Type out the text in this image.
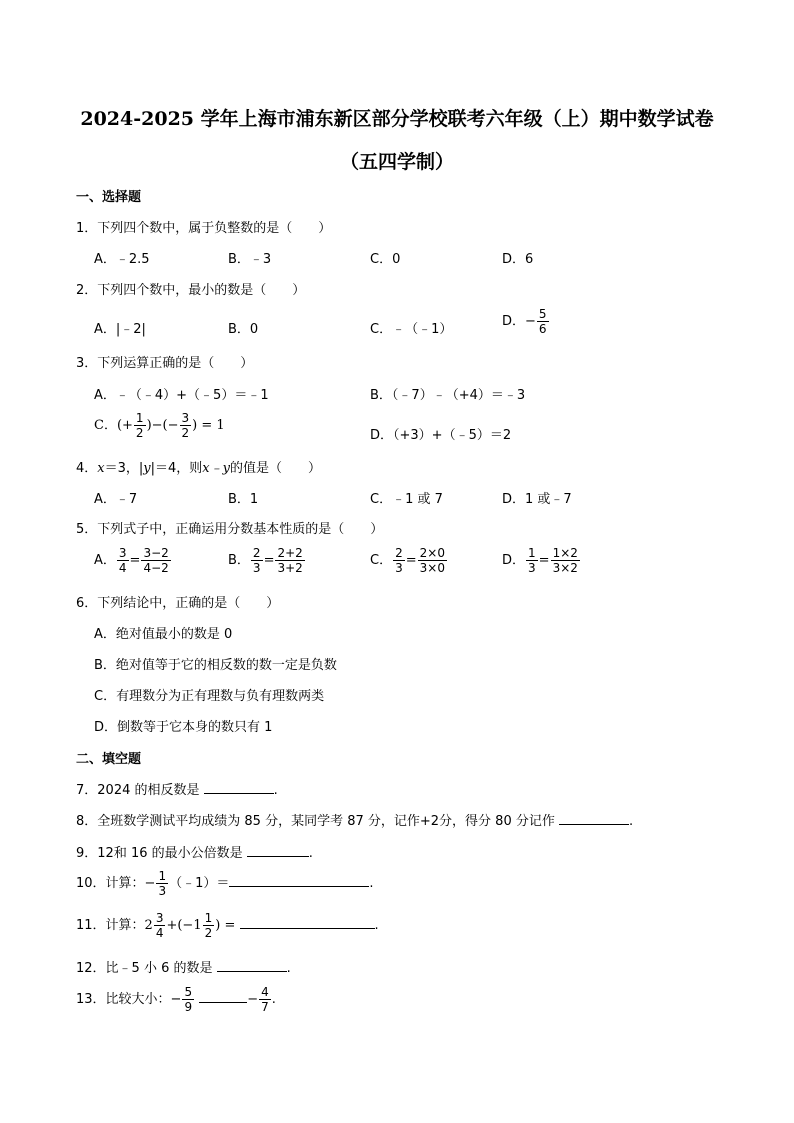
2024-2025 学年上海市浦东新区部分学校联考六年级（上）期中数学试卷
（五四学制）
一、选择题
1．下列四个数中，属于负整数的是（　　）
A．﹣2.5	B．﹣3	C．0	D．6
2．下列四个数中，最小的数是（　　）
A．|﹣2|	B．0	C．﹣（﹣1）
D．− $\frac{5}{6}$
3．下列运算正确的是（　　）
A．﹣（﹣4）+（﹣5）＝﹣1	B．（﹣7）﹣（+4）＝﹣3
C．(+ $\frac{1}{2}$ )−(− $\frac{3}{2}$ ) = 1
D．（+3）+（﹣5）＝2
4．x＝3，|y|＝4，则x﹣y的值是（　　）
A．﹣7	B．1	C．﹣1 或 7	D．1 或﹣7
5．下列式子中，正确运用分数基本性质的是（　　）
A． $\frac{3}{4} = \frac{3-2}{4-2}$	B． $\frac{2}{3} = \frac{2+2}{3+2}$	C． $\frac{2}{3} = \frac{2\times 0}{3\times 0}$	D． $\frac{1}{3} = \frac{1\times 2}{3\times 2}$
6．下列结论中，正确的是（　　）
A．绝对值最小的数是 0
B．绝对值等于它的相反数的数一定是负数
C．有理数分为正有理数与负有理数两类
D．倒数等于它本身的数只有 1
二、填空题
7．2024 的相反数是	.
8．全班数学测试平均成绩为 85 分，某同学考 87 分，记作+2分，得分 80 分记作	.
9．12和 16 的最小公倍数是	.
10．计算：− $\frac{1}{3}$ （﹣1）＝	.
11．计算：$2 \frac{3}{4} +(-1 \frac{1}{2}$ ) =	.
12．比﹣5 小 6 的数是	.
13．比较大小：− $\frac{5}{9}$	− $\frac{4}{7}$ .
